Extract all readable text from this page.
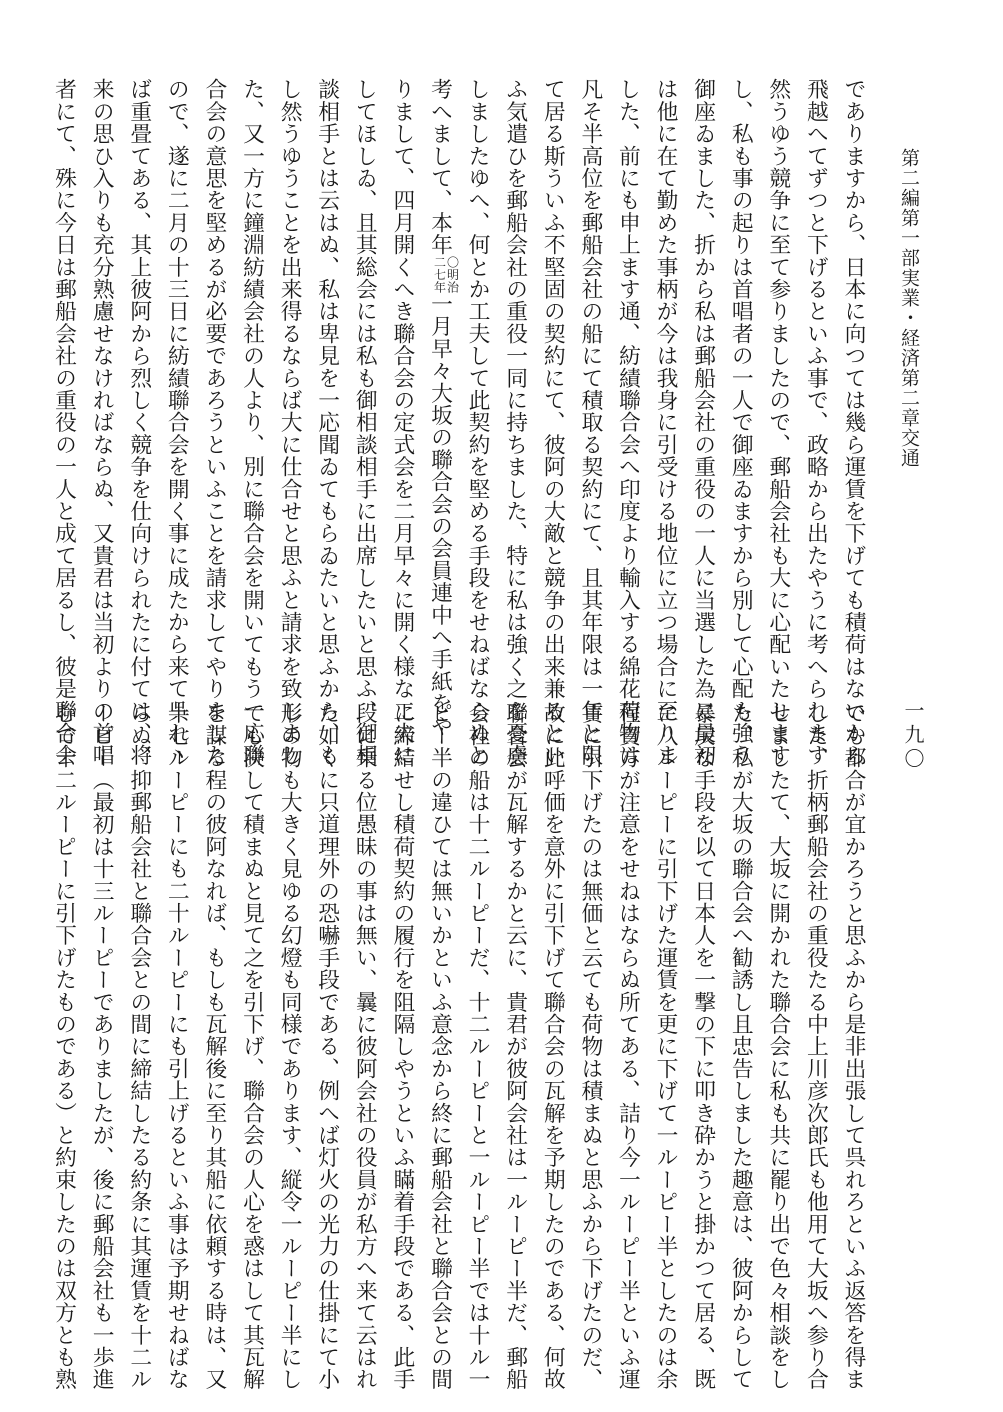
第二編第一部実業・経済第二章交通
一九〇
でありますから、日本に向つては幾ら運賃を下げても積荷はないから
飛越へてずつと下げるといふ事で、政略から出たやうに考へられます
然うゆう競争に至て参りましたので、郵船会社も大に心配いたします
し、私も事の起りは首唱者の一人で御座ゐますから別して心配も強う
御座ゐました、折から私は郵船会社の重役の一人に当選した為に最初
は他に在て勤めた事柄が今は我身に引受ける地位に立つ場合に至りま
した、前にも申上ます通、紡績聯合会へ印度より輸入する綿花荷物は
凡そ半高位を郵船会社の船にて積取る契約にて、且其年限は一年と限
て居る斯ういふ不堅固の契約にて、彼阿の大敵と競争の出来兼るとい
ふ気遣ひを郵船会社の重役一同に持ちました、特に私は強く之を憂慮
しましたゆへ、何とか工夫して此契約を堅める手段をせねばならぬと
考へまして、本年〇明治
二七年一月早々大坂の聯合会の会員連中へ手紙をや
りまして、四月開くへき聯合会の定式会を二月早々に開く様な工夫に
してほしゐ、且其総会には私も御相談相手に出席したいと思ふ、御相
談相手とは云はぬ、私は卑見を一応聞ゐてもらゐたいと思ふから、も
し然うゆうことを出来得るならば大に仕合せと思ふと請求を致しまし
た、又一方に鐘淵紡績会社の人より、別に聯合会を開いてもう一応聯
合会の意思を堅めるが必要であろうといふことを請求してやりました
ので、遂に二月の十三日に紡績聯合会を開く事に成たから来て呉れ丶
ば重畳てある、其上彼阿から烈しく競争を仕向けられたに付ては、将
来の思ひ入りも充分熟慮せなければならぬ、又貴君は当初よりの首唱
者にて、殊に今日は郵船会社の重役の一人と成て居るし、彼是聯合会
でも都合が宜かろうと思ふから是非出張して呉れろといふ返答を得ま
した、折柄郵船会社の重役たる中上川彦次郎氏も他用て大坂へ参り合
せましたて、大坂に開かれた聯合会に私も共に罷り出で色々相談をし
た、私が大坂の聯合会へ勧誘し且忠告しました趣意は、彼阿からして
暴戻な手段を以て日本人を一撃の下に叩き砕かうと掛かつて居る、既
に八ルーピーに引下げた運賃を更に下げて一ルーピー半としたのは余
程貴方が注意をせねはならぬ所てある、詰り今一ルーピー半といふ運
賃に引下げたのは無価と云ても荷物は積まぬと思ふから下げたのだ、
故に此呼価を意外に引下げて聯合会の瓦解を予期したのである、何故
聯合会が瓦解するかと云に、貴君が彼阿会社は一ルーピー半だ、郵船
会社の船は十二ルーピーだ、十二ルーピーと一ルーピー半では十ル一
ピー半の違ひては無いかといふ意念から終に郵船会社と聯合会との間
に締結せし積荷契約の履行を阻隔しやうといふ瞞着手段である、此手
段に乗る位愚昧の事は無い、曩に彼阿会社の役員が私方へ来て云はれ
た如くに只道理外の恐嚇手段である、例へば灯火の光力の仕掛にて小
形の物も大きく見ゆる幻燈も同様であります、縦令一ルーピー半にし
ても決して積まぬと見て之を引下げ、聯合会の人心を惑はして其瓦解
を謀る程の彼阿なれば、もしも瓦解後に至り其船に依頼する時は、又
十七ルーピーにも二十ルーピーにも引上げるといふ事は予期せねばな
らぬ、抑郵船会社と聯合会との間に締結したる約条に其運賃を十二ル
ーピー（最初は十三ルーピーでありましたが、後に郵船会社も一歩進
むで十二ルーピーに引下げたものである）と約束したのは双方とも熟
